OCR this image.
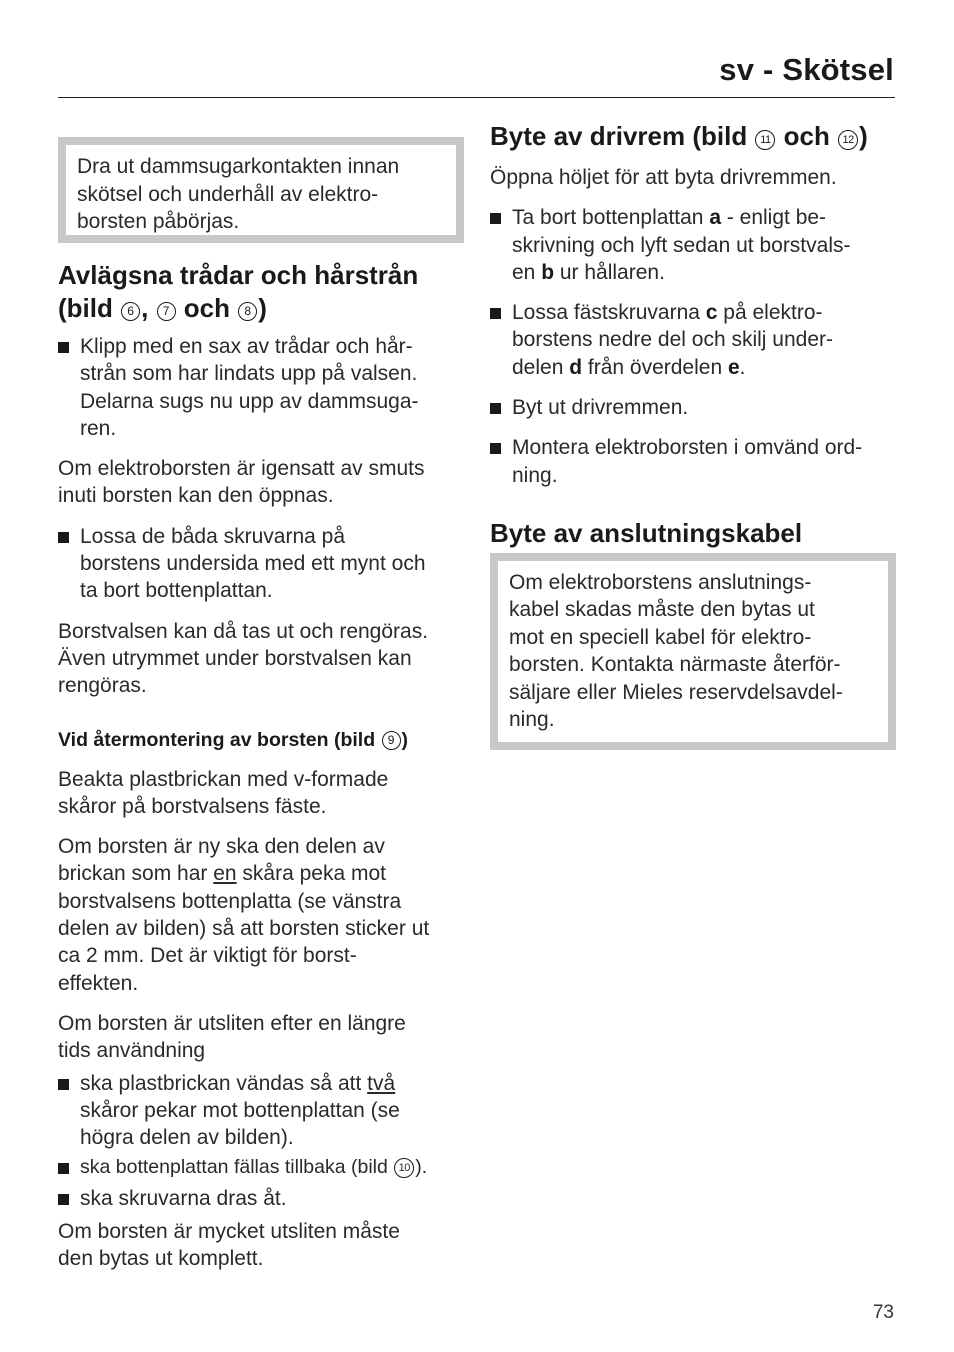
sv - Skötsel
Dra ut dammsugarkontakten innan
skötsel och underhåll av elektro-
borsten påbörjas.
Avlägsna trådar och hårstrån
(bild 6 , 7 och 8 )
Klipp med en sax av trådar och hår-
strån som har lindats upp på valsen.
Delarna sugs nu upp av dammsuga-
ren.

Om elektroborsten är igensatt av smuts
inuti borsten kan den öppnas.

Lossa de båda skruvarna på
borstens undersida med ett mynt och
ta bort bottenplattan.

Borstvalsen kan då tas ut och rengöras.
Även utrymmet under borstvalsen kan
rengöras.

Vid återmontering av borsten (bild 9 )

Beakta plastbrickan med v-formade
skåror på borstvalsens fäste.

Om borsten är ny ska den delen av
brickan som har en skåra peka mot
borstvalsens bottenplatta (se vänstra
delen av bilden) så att borsten sticker ut
ca 2 mm. Det är viktigt för borst-
effekten.

Om borsten är utsliten efter en längre
tids användning

ska plastbrickan vändas så att två
skåror pekar mot bottenplattan (se
högra delen av bilden).
ska bottenplattan fällas tillbaka (bild 10 ).
ska skruvarna dras åt.

Om borsten är mycket utsliten måste
den bytas ut komplett.

Byte av drivrem (bild 11 och 12 )

Öppna höljet för att byta drivremmen.

Ta bort bottenplattan a - enligt be-
skrivning och lyft sedan ut borstvals-
en b ur hållaren.
Lossa fästskruvarna c på elektro-
borstens nedre del och skilj under-
delen d från överdelen e.
Byt ut drivremmen.
Montera elektroborsten i omvänd ord-
ning.
Byte av anslutningskabel
Om elektroborstens anslutnings-
kabel skadas måste den bytas ut
mot en speciell kabel för elektro-
borsten. Kontakta närmaste återför-
säljare eller Mieles reservdelsavdel-
ning.
73
